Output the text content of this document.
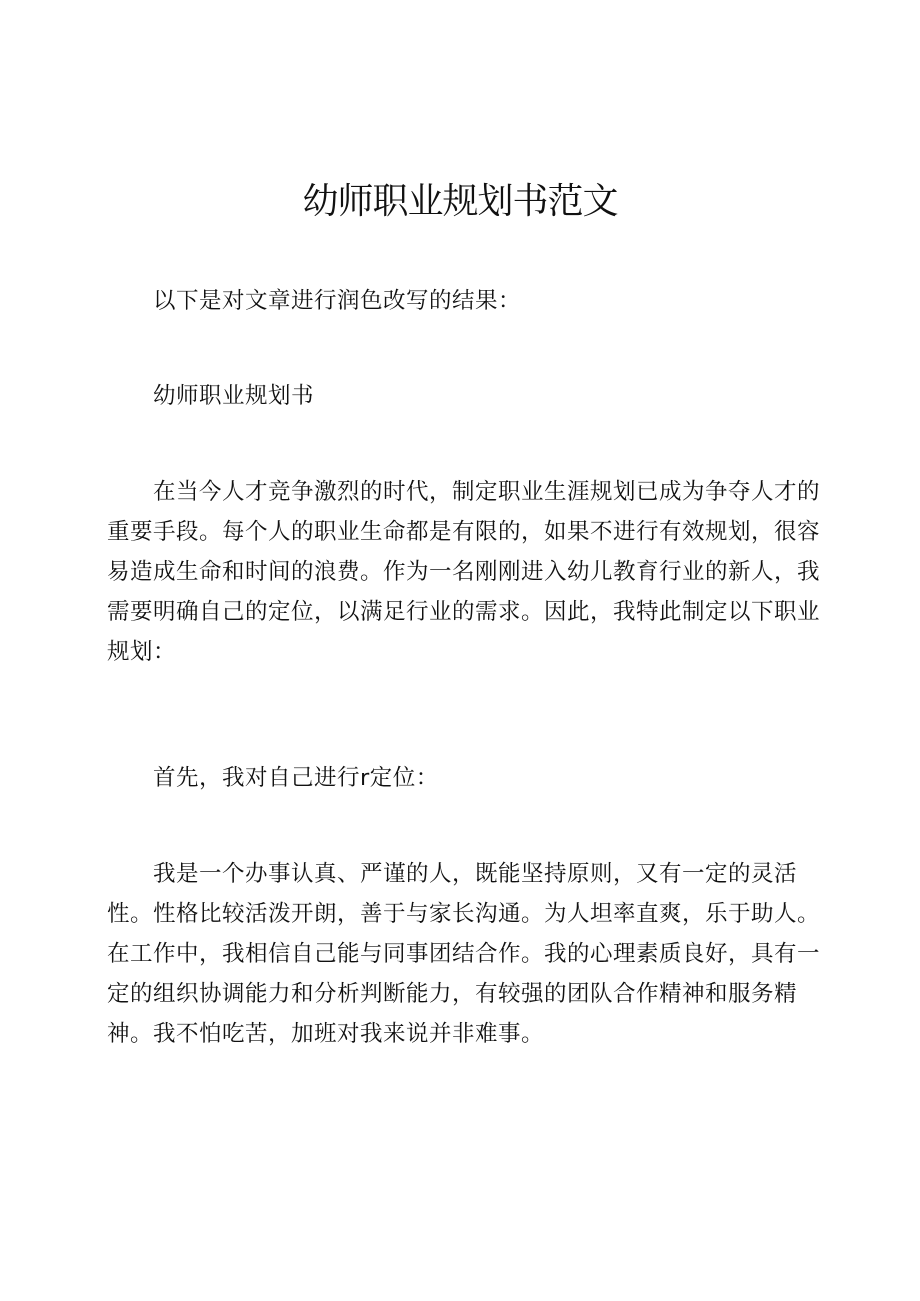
幼师职业规划书范文

以下是对文章进行润色改写的结果：

幼师职业规划书

在当今人才竞争激烈的时代，制定职业生涯规划已成为争夺人才的重要手段。每个人的职业生命都是有限的，如果不进行有效规划，很容易造成生命和时间的浪费。作为一名刚刚进入幼儿教育行业的新人，我需要明确自己的定位，以满足行业的需求。因此，我特此制定以下职业规划：

首先，我对自己进行r定位：

我是一个办事认真、严谨的人，既能坚持原则，又有一定的灵活性。性格比较活泼开朗，善于与家长沟通。为人坦率直爽，乐于助人。在工作中，我相信自己能与同事团结合作。我的心理素质良好，具有一定的组织协调能力和分析判断能力，有较强的团队合作精神和服务精神。我不怕吃苦，加班对我来说并非难事。
